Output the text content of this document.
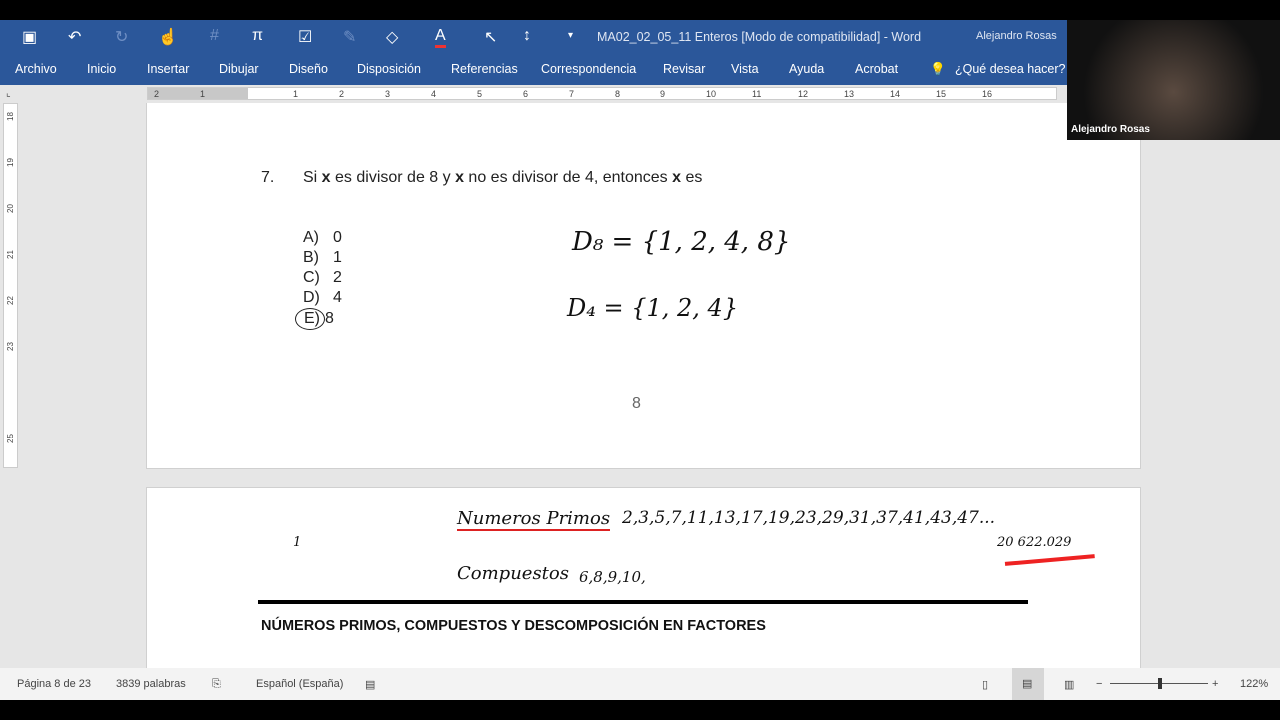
▣ ↶ ↻ ☝ # π ☑ ✎ ◇ A ↖ ↕	▾ MA02_02_05_11 Enteros [Modo de compatibilidad] - Word	Alejandro Rosas
Archivo Inicio Insertar Dibujar Diseño Disposición Referencias Correspondencia Revisar Vista Ayuda Acrobat	💡 ¿Qué desea hacer?
⌞	2	1	1	2	3	4	5	6	7	8	9	10	11	12	13	14	15	16
18
19
20
21
22
23
25
7. Si x es divisor de 8 y x no es divisor de 4, entonces x es
A) 0
B) 1
C) 2
D) 4
E) 8
D₈ = {1, 2, 4, 8}
D₄ = {1, 2, 4}
8
1
Numeros Primos 2,3,5,7,11,13,17,19,23,29,31,37,41,43,47...
20 622.029
Compuestos 6,8,9,10,
NÚMEROS PRIMOS, COMPUESTOS Y DESCOMPOSICIÓN EN FACTORES
Página 8 de 23 3839 palabras ⎘	Español (España) ▤	▯	▤	▥ −	+ 122%
Alejandro Rosas
